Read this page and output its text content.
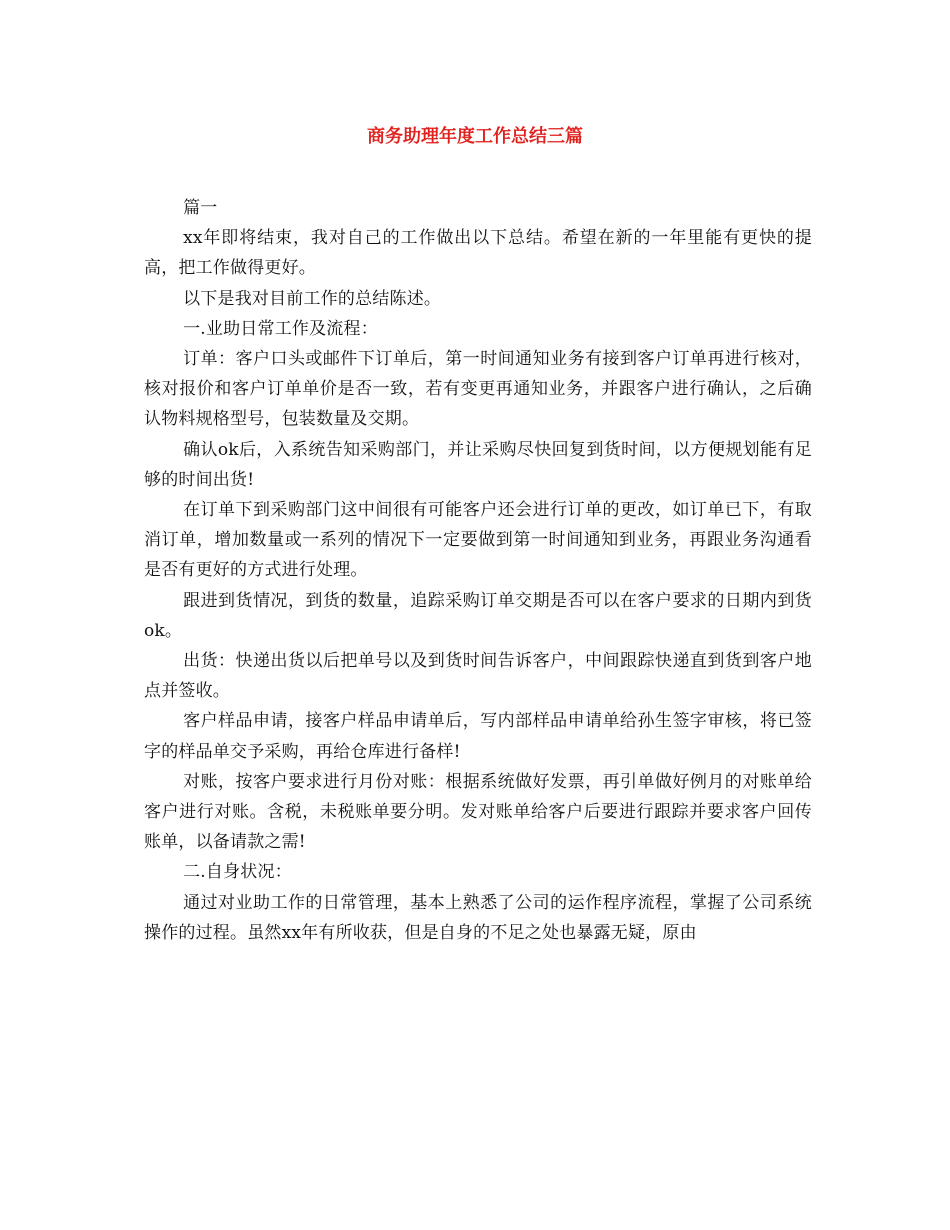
商务助理年度工作总结三篇

篇一

xx年即将结束，我对自己的工作做出以下总结。希望在新的一年里能有更快的提高，把工作做得更好。

以下是我对目前工作的总结陈述。

一.业助日常工作及流程：

订单：客户口头或邮件下订单后，第一时间通知业务有接到客户订单再进行核对，核对报价和客户订单单价是否一致，若有变更再通知业务，并跟客户进行确认，之后确认物料规格型号，包装数量及交期。

确认ok后，入系统告知采购部门，并让采购尽快回复到货时间，以方便规划能有足够的时间出货!

在订单下到采购部门这中间很有可能客户还会进行订单的更改，如订单已下，有取消订单，增加数量或一系列的情况下一定要做到第一时间通知到业务，再跟业务沟通看是否有更好的方式进行处理。

跟进到货情况，到货的数量，追踪采购订单交期是否可以在客户要求的日期内到货ok。

出货：快递出货以后把单号以及到货时间告诉客户，中间跟踪快递直到货到客户地点并签收。

客户样品申请，接客户样品申请单后，写内部样品申请单给孙生签字审核，将已签字的样品单交予采购，再给仓库进行备样!

对账，按客户要求进行月份对账：根据系统做好发票，再引单做好例月的对账单给客户进行对账。含税，未税账单要分明。发对账单给客户后要进行跟踪并要求客户回传账单，以备请款之需!

二.自身状况：

通过对业助工作的日常管理，基本上熟悉了公司的运作程序流程，掌握了公司系统操作的过程。虽然xx年有所收获，但是自身的不足之处也暴露无疑，原由
